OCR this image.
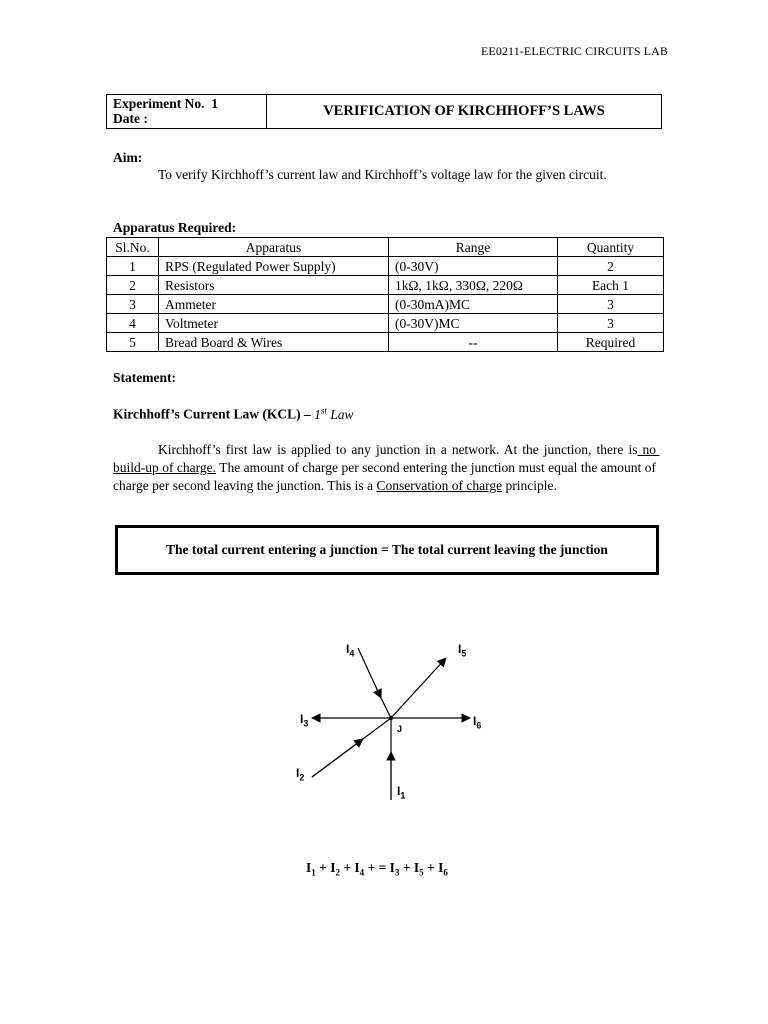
EE0211-ELECTRIC CIRCUITS LAB
Experiment No.  1
Date :	VERIFICATION OF KIRCHHOFF’S LAWS
Aim:
To verify Kirchhoff’s current law and Kirchhoff’s voltage law for the given circuit.
Apparatus Required:
Sl.No.	Apparatus	Range	Quantity
1	RPS (Regulated Power Supply)	(0-30V)	2
2	Resistors	1kΩ, 1kΩ, 330Ω, 220Ω	Each 1
3	Ammeter	(0-30mA)MC	3
4	Voltmeter	(0-30V)MC	3
5	Bread Board & Wires	--	Required
Statement:
Kirchhoff’s Current Law (KCL) – 1st Law
Kirchhoff’s first law is applied to any junction in a network. At the junction, there is no build-up of charge. The amount of charge per second entering the junction must equal the amount of charge per second leaving the junction. This is a Conservation of charge principle.
The total current entering a junction = The total current leaving the junction
$I_1$
$I_2$
$I_3$
$I_4$	$I_5$
$I_6$
J
$I_1 + I_2 + I_4$ + = $I_3 + I_5 + I_6$
